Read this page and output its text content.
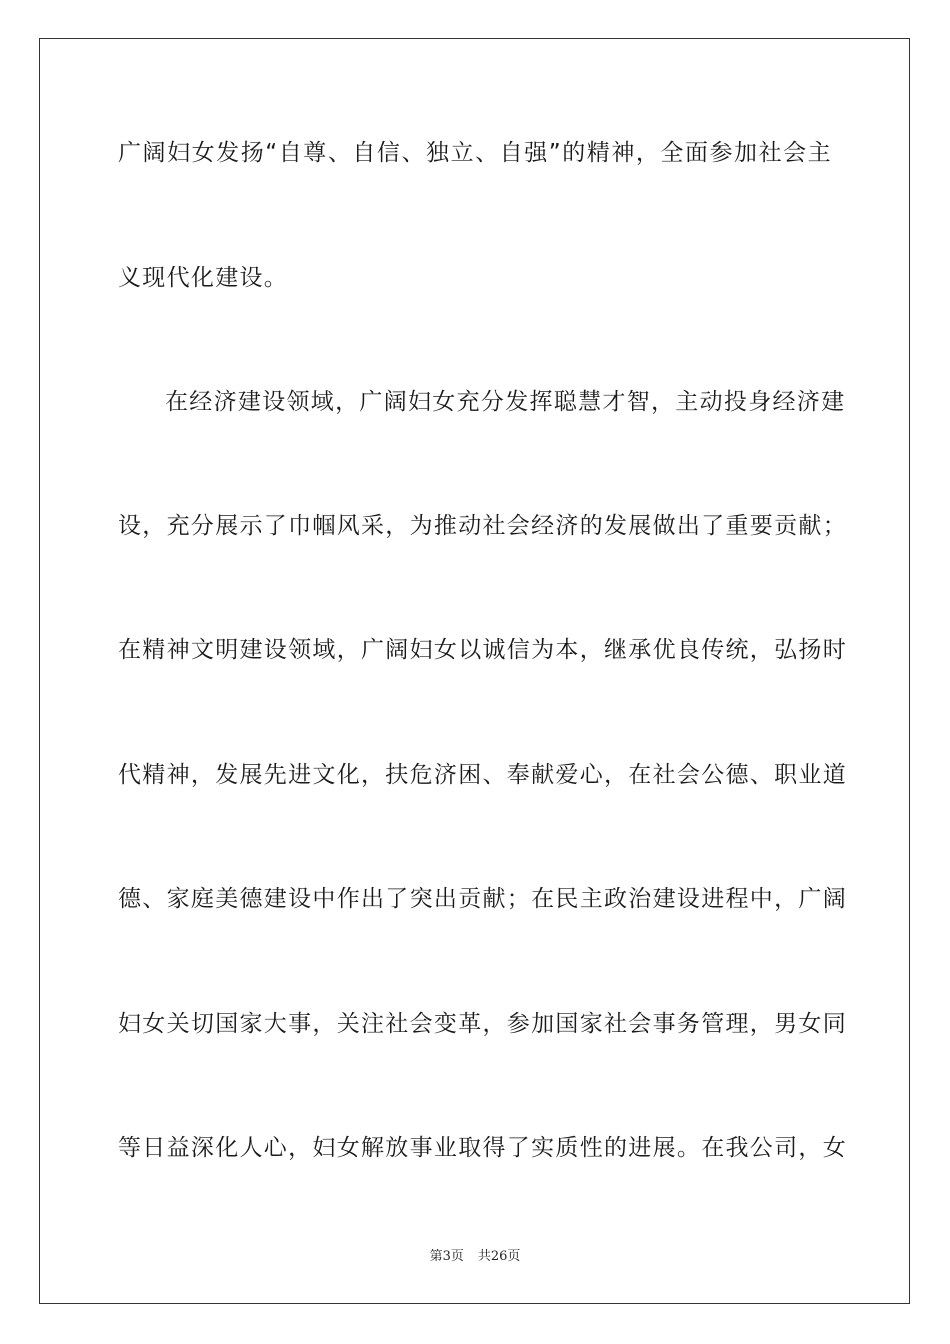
广阔妇女发扬“自尊、自信、独立、自强”的精神，全面参加社会主
义现代化建设。
在经济建设领域，广阔妇女充分发挥聪慧才智，主动投身经济建
设，充分展示了巾帼风采，为推动社会经济的发展做出了重要贡献；
在精神文明建设领域，广阔妇女以诚信为本，继承优良传统，弘扬时
代精神，发展先进文化，扶危济困、奉献爱心，在社会公德、职业道
德、家庭美德建设中作出了突出贡献；在民主政治建设进程中，广阔
妇女关切国家大事，关注社会变革，参加国家社会事务管理，男女同
等日益深化人心，妇女解放事业取得了实质性的进展。在我公司，女
第3页 共26页
